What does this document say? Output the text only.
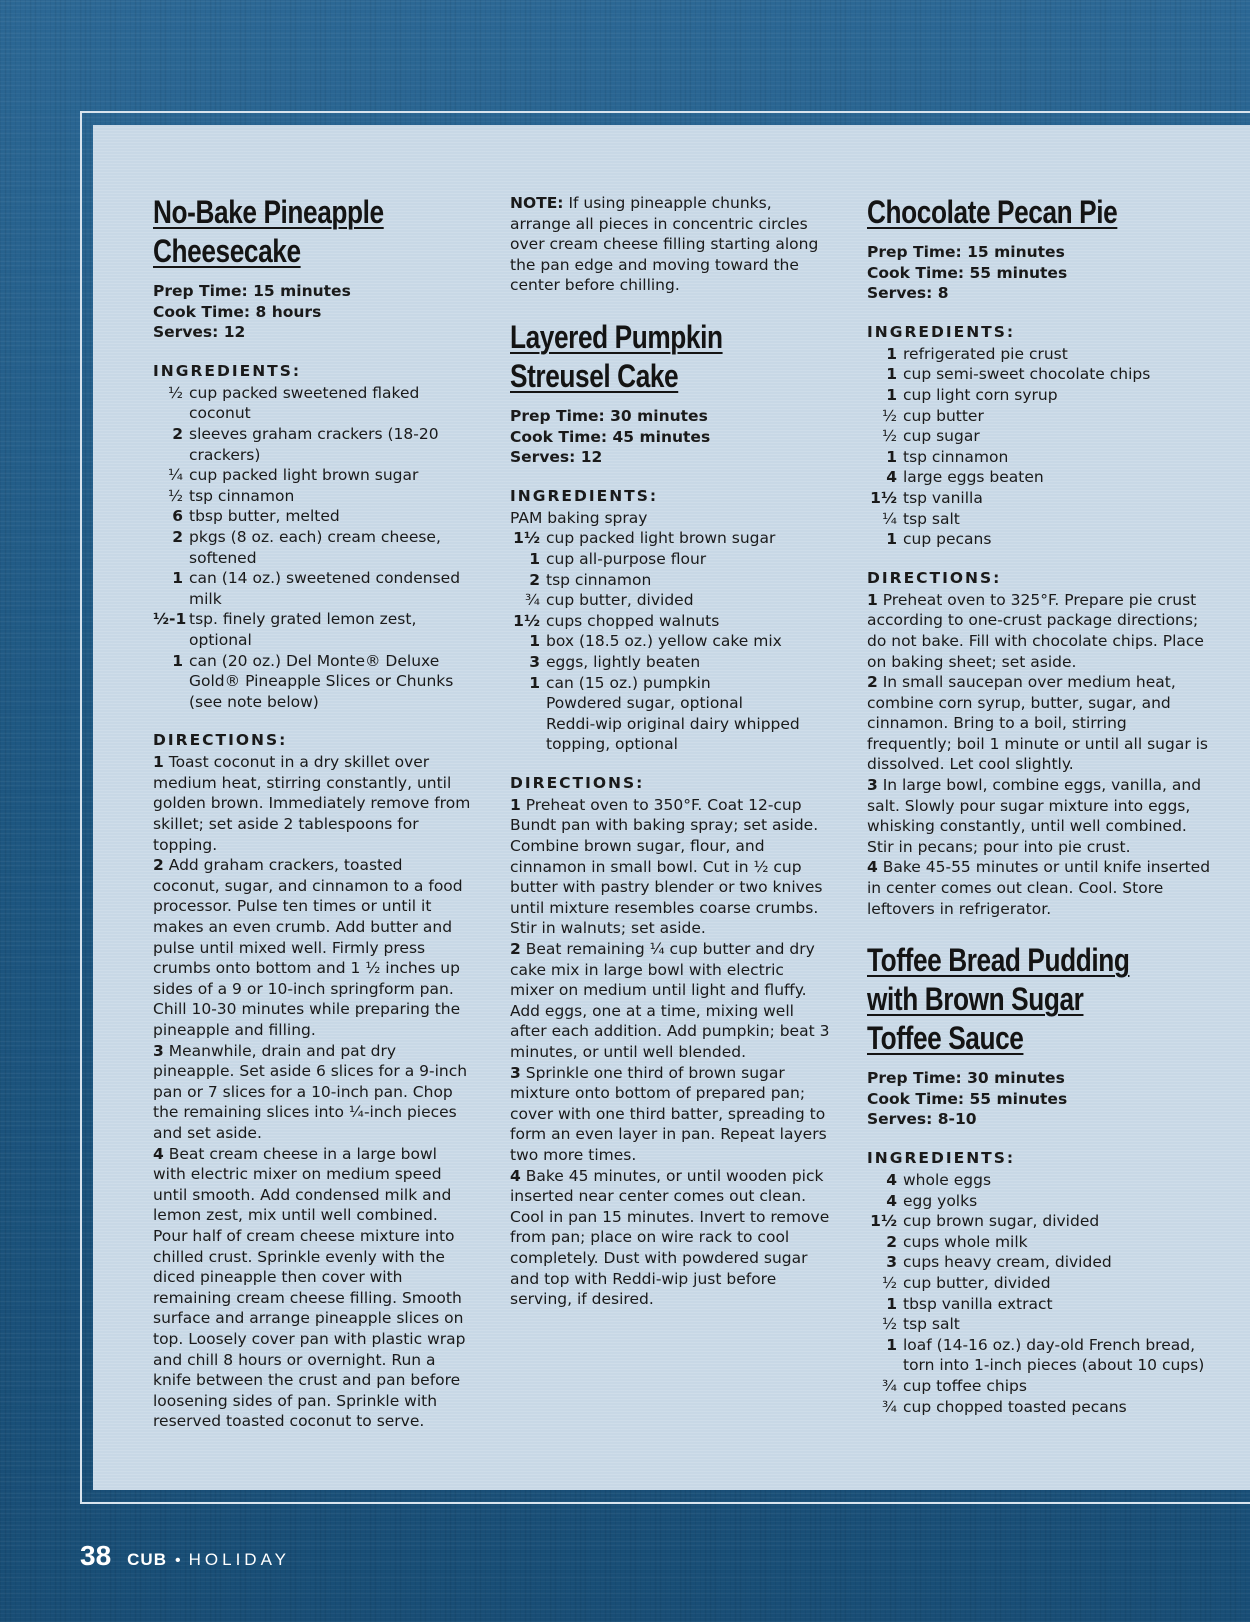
No-Bake Pineapple
Cheesecake

Prep Time: 15 minutes

Cook Time: 8 hours

Serves: 12

INGREDIENTS:
½ cup packed sweetened flaked coconut
2 sleeves graham crackers (18-20 crackers)
¼ cup packed light brown sugar
½ tsp cinnamon
6 tbsp butter, melted
2 pkgs (8 oz. each) cream cheese, softened
1 can (14 oz.) sweetened condensed milk
½-1 tsp. finely grated lemon zest, optional
1 can (20 oz.) Del Monte® Deluxe Gold® Pineapple Slices or Chunks (see note below)
DIRECTIONS:

1 Toast coconut in a dry skillet over medium heat, stirring constantly, until golden brown. Immediately remove from skillet; set aside 2 tablespoons for topping.

2 Add graham crackers, toasted coconut, sugar, and cinnamon to a food processor. Pulse ten times or until it makes an even crumb. Add butter and pulse until mixed well. Firmly press crumbs onto bottom and 1 ½ inches up sides of a 9 or 10-inch springform pan. Chill 10-30 minutes while preparing the pineapple and filling.

3 Meanwhile, drain and pat dry pineapple. Set aside 6 slices for a 9-inch pan or 7 slices for a 10-inch pan. Chop the remaining slices into ¼-inch pieces and set aside.

4 Beat cream cheese in a large bowl with electric mixer on medium speed until smooth. Add condensed milk and lemon zest, mix until well combined. Pour half of cream cheese mixture into chilled crust. Sprinkle evenly with the diced pineapple then cover with remaining cream cheese filling. Smooth surface and arrange pineapple slices on top. Loosely cover pan with plastic wrap and chill 8 hours or overnight. Run a knife between the crust and pan before loosening sides of pan. Sprinkle with reserved toasted coconut to serve.

NOTE: If using pineapple chunks, arrange all pieces in concentric circles over cream cheese filling starting along the pan edge and moving toward the center before chilling.

Layered Pumpkin
Streusel Cake

Prep Time: 30 minutes

Cook Time: 45 minutes

Serves: 12

INGREDIENTS:
PAM baking spray
1½ cup packed light brown sugar
1 cup all-purpose flour
2 tsp cinnamon
¾ cup butter, divided
1½ cups chopped walnuts
1 box (18.5 oz.) yellow cake mix
3 eggs, lightly beaten
1 can (15 oz.) pumpkin
Powdered sugar, optional
Reddi-wip original dairy whipped topping, optional
DIRECTIONS:

1 Preheat oven to 350°F. Coat 12-cup Bundt pan with baking spray; set aside. Combine brown sugar, flour, and cinnamon in small bowl. Cut in ½ cup butter with pastry blender or two knives until mixture resembles coarse crumbs. Stir in walnuts; set aside.

2 Beat remaining ¼ cup butter and dry cake mix in large bowl with electric mixer on medium until light and fluffy. Add eggs, one at a time, mixing well after each addition. Add pumpkin; beat 3 minutes, or until well blended.

3 Sprinkle one third of brown sugar mixture onto bottom of prepared pan; cover with one third batter, spreading to form an even layer in pan. Repeat layers two more times.

4 Bake 45 minutes, or until wooden pick inserted near center comes out clean. Cool in pan 15 minutes. Invert to remove from pan; place on wire rack to cool completely. Dust with powdered sugar and top with Reddi-wip just before serving, if desired.

Chocolate Pecan Pie

Prep Time: 15 minutes

Cook Time: 55 minutes

Serves: 8

INGREDIENTS:
1 refrigerated pie crust
1 cup semi-sweet chocolate chips
1 cup light corn syrup
½ cup butter
½ cup sugar
1 tsp cinnamon
4 large eggs beaten
1½ tsp vanilla
¼ tsp salt
1 cup pecans
DIRECTIONS:

1 Preheat oven to 325°F. Prepare pie crust according to one-crust package directions; do not bake. Fill with chocolate chips. Place on baking sheet; set aside.

2 In small saucepan over medium heat, combine corn syrup, butter, sugar, and cinnamon. Bring to a boil, stirring frequently; boil 1 minute or until all sugar is dissolved. Let cool slightly.

3 In large bowl, combine eggs, vanilla, and salt. Slowly pour sugar mixture into eggs, whisking constantly, until well combined. Stir in pecans; pour into pie crust.

4 Bake 45-55 minutes or until knife inserted in center comes out clean. Cool. Store leftovers in refrigerator.

Toffee Bread Pudding
with Brown Sugar
Toffee Sauce

Prep Time: 30 minutes

Cook Time: 55 minutes

Serves: 8-10

INGREDIENTS:
4 whole eggs
4 egg yolks
1½ cup brown sugar, divided
2 cups whole milk
3 cups heavy cream, divided
½ cup butter, divided
1 tbsp vanilla extract
½ tsp salt
1 loaf (14-16 oz.) day-old French bread, torn into 1-inch pieces (about 10 cups)
¾ cup toffee chips
¾ cup chopped toasted pecans
38 CUB • HOLIDAY
